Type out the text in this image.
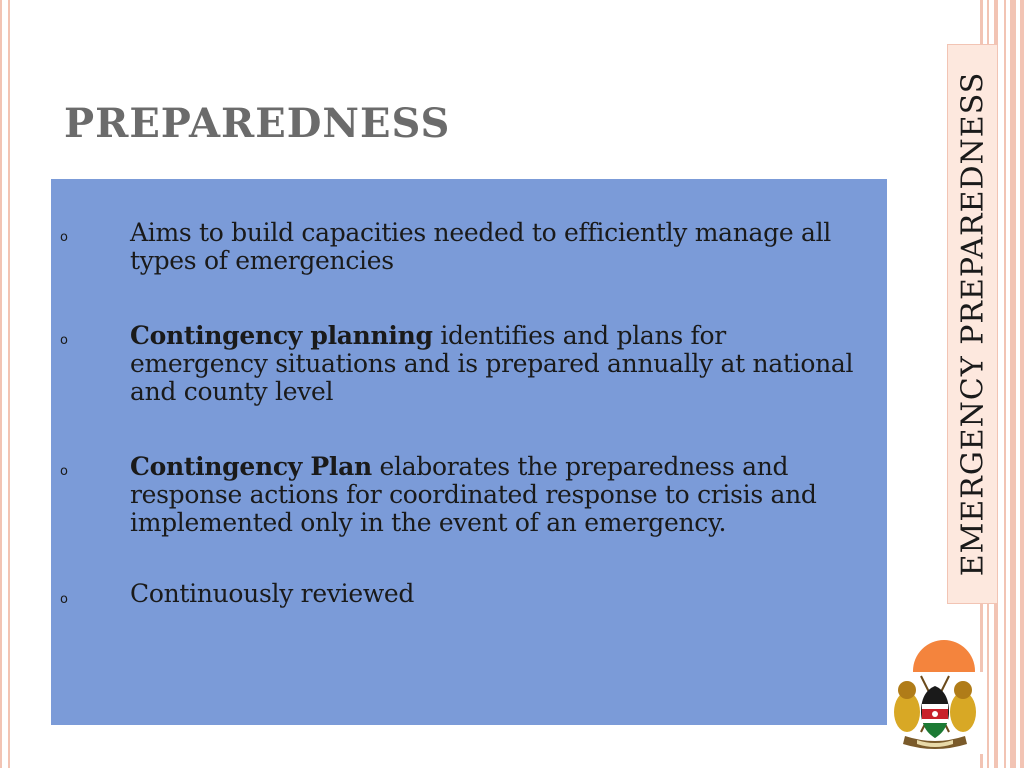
PREPAREDNESS
o Aims to build capacities needed to efficiently manage all types of emergencies
o Contingency planning identifies and plans for emergency situations and is prepared annually at national and county level
o Contingency Plan elaborates the preparedness and response actions for coordinated response to crisis and implemented only in the event of an emergency.
o Continuously reviewed
EMERGENCY PREPAREDNESS
